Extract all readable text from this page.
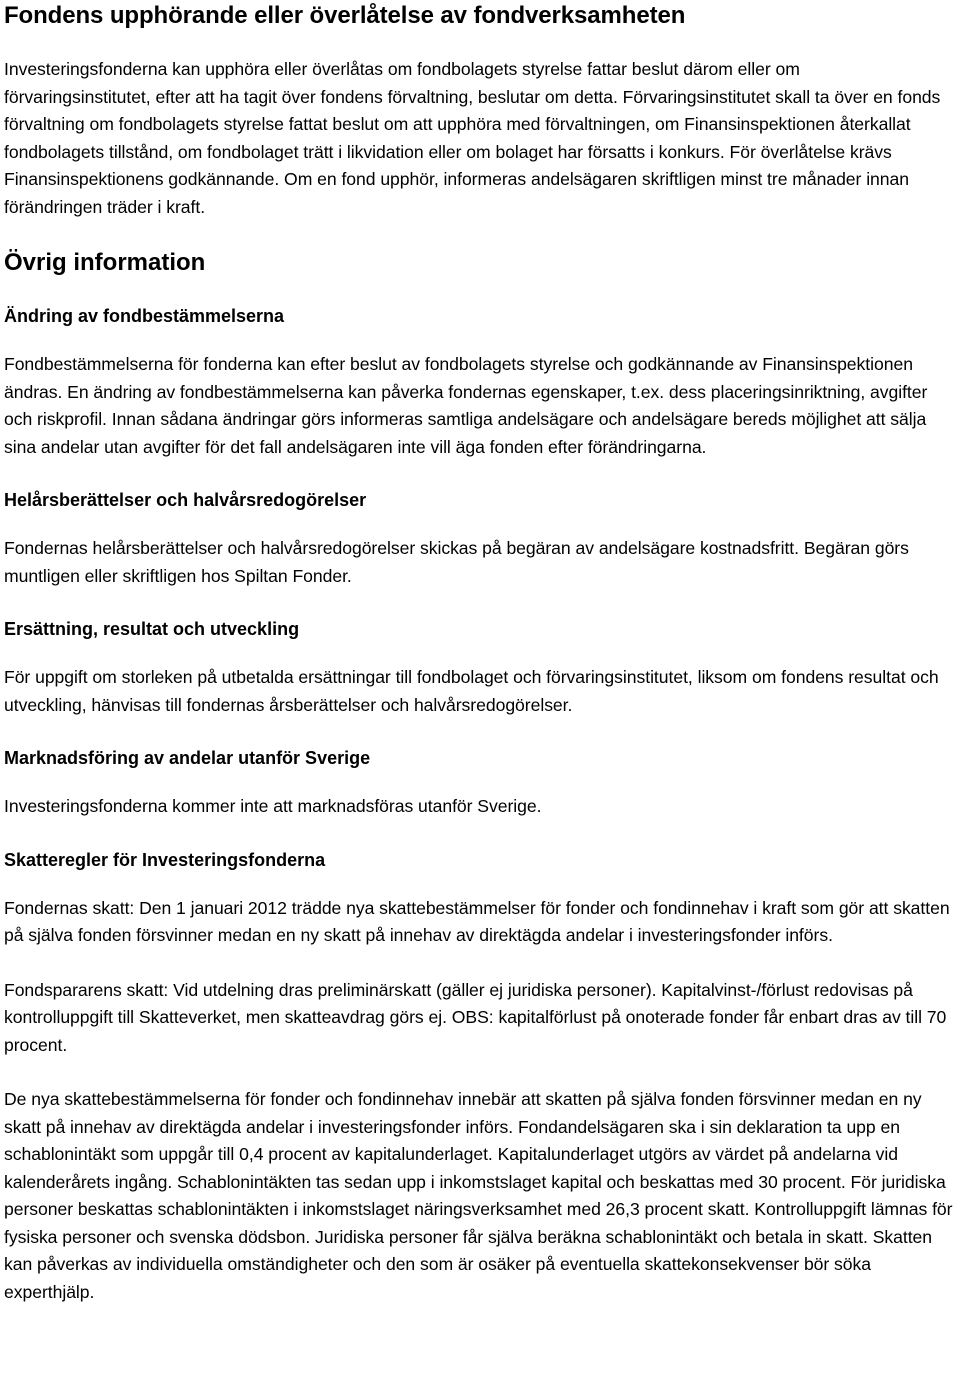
Fondens upphörande eller överlåtelse av fondverksamheten

Investeringsfonderna kan upphöra eller överlåtas om fondbolagets styrelse fattar beslut därom eller om förvaringsinstitutet, efter att ha tagit över fondens förvaltning, beslutar om detta. Förvaringsinstitutet skall ta över en fonds förvaltning om fondbolagets styrelse fattat beslut om att upphöra med förvaltningen, om Finansinspektionen återkallat fondbolagets tillstånd, om fondbolaget trätt i likvidation eller om bolaget har försatts i konkurs. För överlåtelse krävs Finansinspektionens godkännande. Om en fond upphör, informeras andelsägaren skriftligen minst tre månader innan förändringen träder i kraft.

Övrig information
Ändring av fondbestämmelserna

Fondbestämmelserna för fonderna kan efter beslut av fondbolagets styrelse och godkännande av Finansinspektionen ändras. En ändring av fondbestämmelserna kan påverka fondernas egenskaper, t.ex. dess placeringsinriktning, avgifter och riskprofil. Innan sådana ändringar görs informeras samtliga andelsägare och andelsägare bereds möjlighet att sälja sina andelar utan avgifter för det fall andelsägaren inte vill äga fonden efter förändringarna.

Helårsberättelser och halvårsredogörelser

Fondernas helårsberättelser och halvårsredogörelser skickas på begäran av andelsägare kostnadsfritt. Begäran görs muntligen eller skriftligen hos Spiltan Fonder.

Ersättning, resultat och utveckling

För uppgift om storleken på utbetalda ersättningar till fondbolaget och förvaringsinstitutet, liksom om fondens resultat och utveckling, hänvisas till fondernas årsberättelser och halvårsredogörelser.

Marknadsföring av andelar utanför Sverige

Investeringsfonderna kommer inte att marknadsföras utanför Sverige.

Skatteregler för Investeringsfonderna

Fondernas skatt: Den 1 januari 2012 trädde nya skattebestämmelser för fonder och fondinnehav i kraft som gör att skatten på själva fonden försvinner medan en ny skatt på innehav av direktägda andelar i investeringsfonder införs.

Fondspararens skatt: Vid utdelning dras preliminärskatt (gäller ej juridiska personer). Kapitalvinst-/förlust redovisas på kontrolluppgift till Skatteverket, men skatteavdrag görs ej. OBS: kapitalförlust på onoterade fonder får enbart dras av till 70 procent.

De nya skattebestämmelserna för fonder och fondinnehav innebär att skatten på själva fonden försvinner medan en ny skatt på innehav av direktägda andelar i investeringsfonder införs. Fondandelsägaren ska i sin deklaration ta upp en schablonintäkt som uppgår till 0,4 procent av kapitalunderlaget. Kapitalunderlaget utgörs av värdet på andelarna vid kalenderårets ingång. Schablonintäkten tas sedan upp i inkomstslaget kapital och beskattas med 30 procent. För juridiska personer beskattas schablonintäkten i inkomstslaget näringsverksamhet med 26,3 procent skatt. Kontrolluppgift lämnas för fysiska personer och svenska dödsbon. Juridiska personer får själva beräkna schablonintäkt och betala in skatt. Skatten kan påverkas av individuella omständigheter och den som är osäker på eventuella skattekonsekvenser bör söka experthjälp.
